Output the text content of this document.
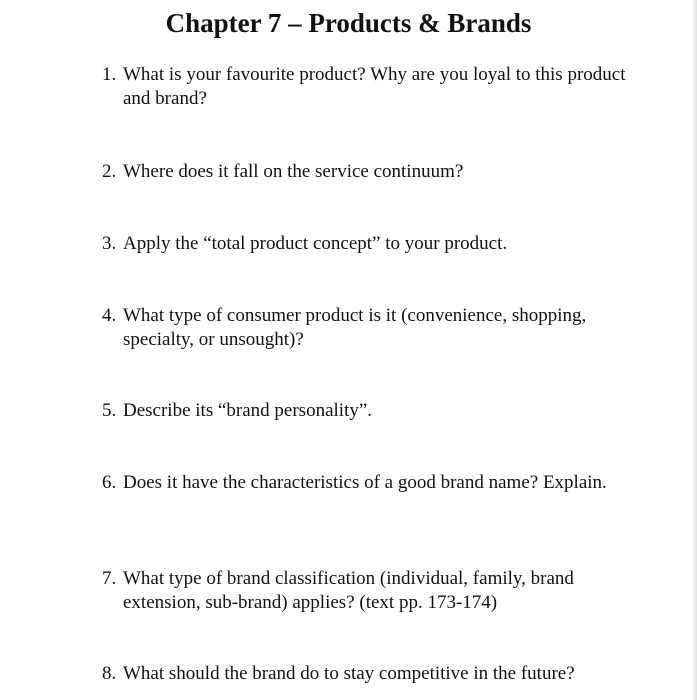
Chapter 7 – Products & Brands
1. What is your favourite product? Why are you loyal to this product and brand?
2. Where does it fall on the service continuum?
3. Apply the “total product concept” to your product.
4. What type of consumer product is it (convenience, shopping, specialty, or unsought)?
5. Describe its “brand personality”.
6. Does it have the characteristics of a good brand name? Explain.
7. What type of brand classification (individual, family, brand extension, sub-brand) applies? (text pp. 173-174)
8. What should the brand do to stay competitive in the future?
